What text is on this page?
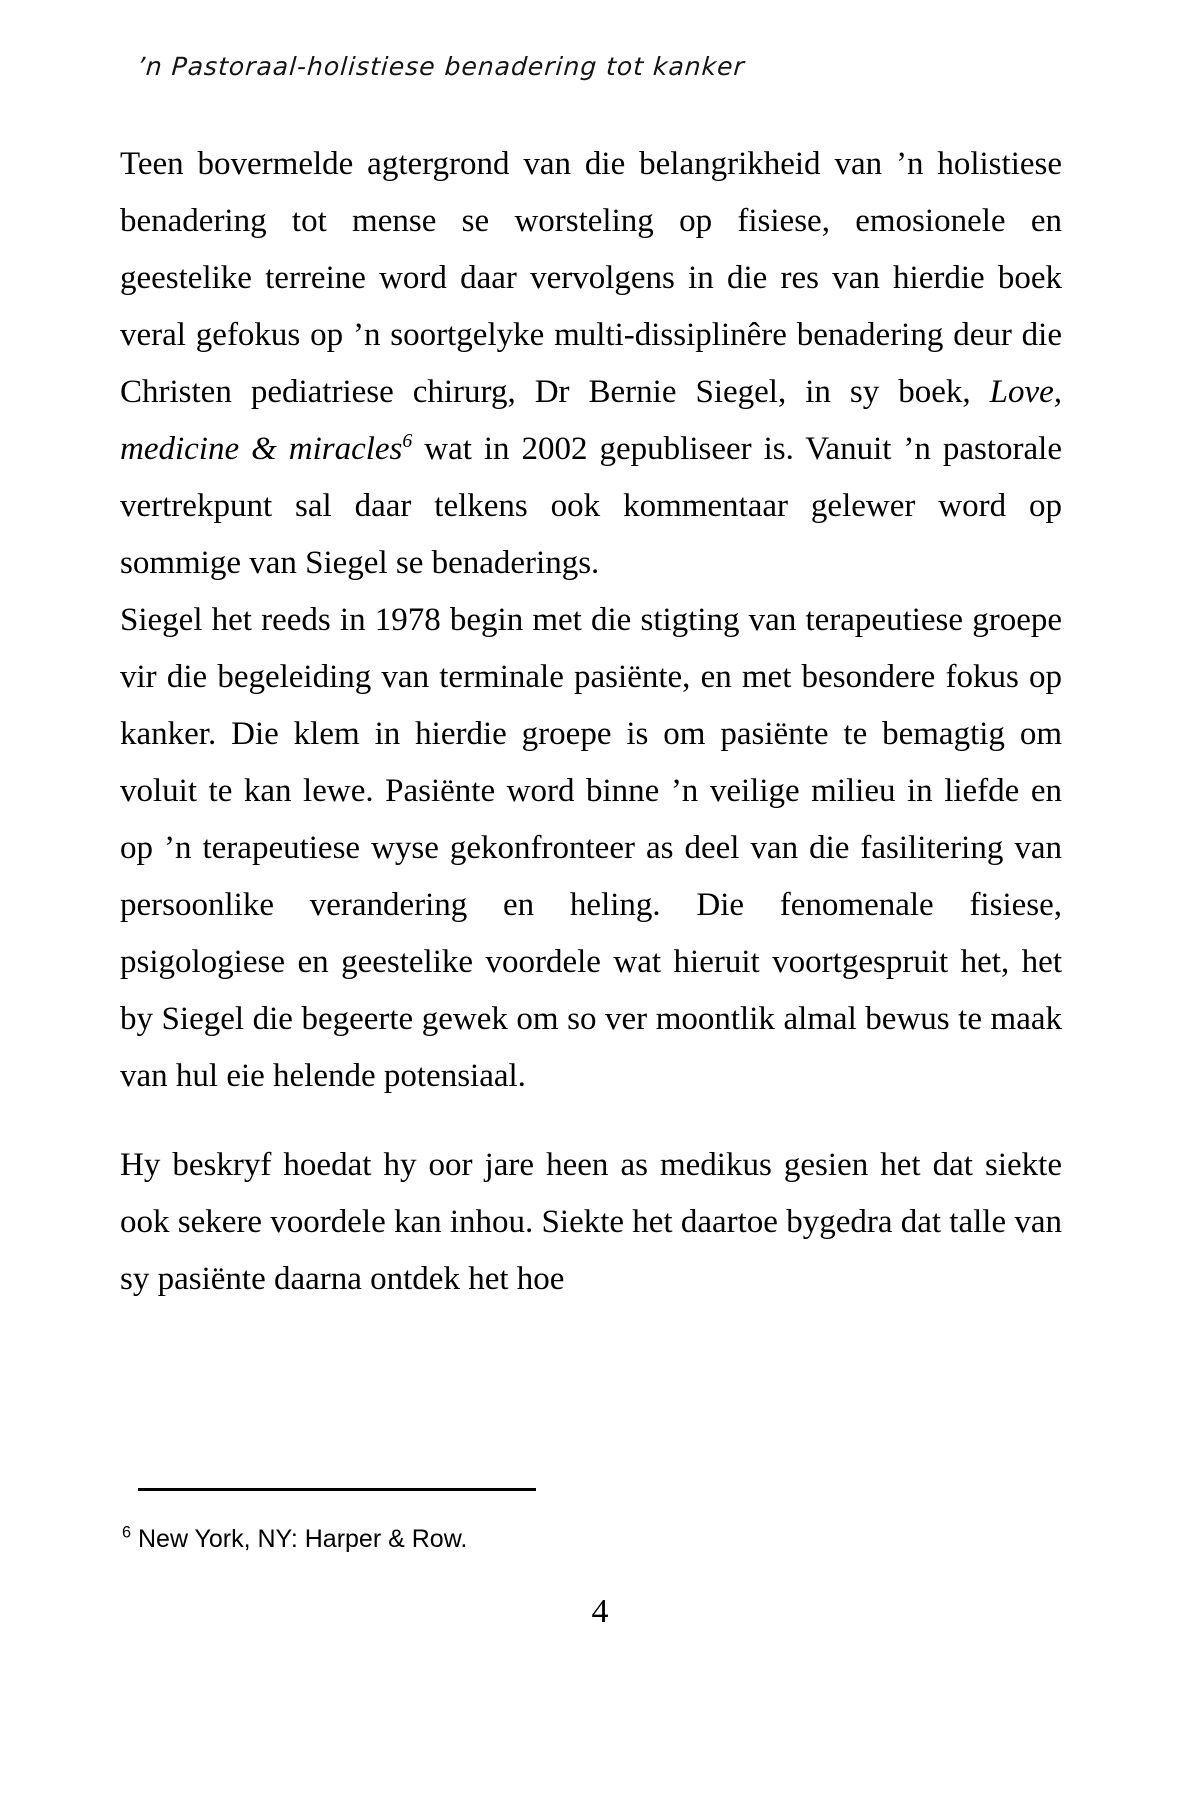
’n Pastoraal-holistiese benadering tot kanker

Teen bovermelde agtergrond van die belangrikheid van ’n holistiese benadering tot mense se worsteling op fisiese, emosionele en geestelike terreine word daar vervolgens in die res van hierdie boek veral gefokus op ’n soortgelyke multi-dissiplinêre benadering deur die Christen pediatriese chirurg, Dr Bernie Siegel, in sy boek, Love, medicine & miracles$^6$ wat in 2002 gepubliseer is. Vanuit ’n pastorale vertrekpunt sal daar telkens ook kommentaar gelewer word op sommige van Siegel se benaderings.

Siegel het reeds in 1978 begin met die stigting van terapeutiese groepe vir die begeleiding van terminale pasiënte, en met besondere fokus op kanker. Die klem in hierdie groepe is om pasiënte te bemagtig om voluit te kan lewe. Pasiënte word binne ’n veilige milieu in liefde en op ’n terapeutiese wyse gekonfronteer as deel van die fasilitering van persoonlike verandering en heling. Die fenomenale fisiese, psigologiese en geestelike voordele wat hieruit voortgespruit het, het by Siegel die begeerte gewek om so ver moontlik almal bewus te maak van hul eie helende potensiaal.

Hy beskryf hoedat hy oor jare heen as medikus gesien het dat siekte ook sekere voordele kan inhou. Siekte het daartoe bygedra dat talle van sy pasiënte daarna ontdek het hoe

$^6$ New York, NY: Harper & Row.

4
